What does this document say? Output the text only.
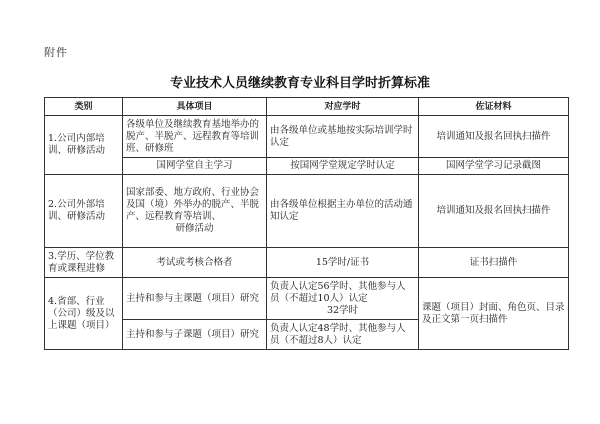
附件
专业技术人员继续教育专业科目学时折算标准
类别	具体项目	对应学时	佐证材料
1.公司内部培训、研修活动	各级单位及继续教育基地举办的脱产、半脱产、远程教育等培训班、研修班	由各级单位或基地按实际培训学时认定	培训通知及报名回执扫描件
	国网学堂自主学习	按国网学堂规定学时认定	国网学堂学习记录截图
2.公司外部培训、研修活动	国家部委、地方政府、行业协会及国（境）外举办的脱产、半脱产、远程教育等培训、
研修活动	由各级单位根据主办单位的活动通知认定	培训通知及报名回执扫描件
3.学历、学位教育或课程进修	考试或考核合格者	15学时/证书	证书扫描件
4.省部、行业（公司）级及以上课题（项目）	主持和参与主课题（项目）研究	负责人认定56学时、其他参与人员（不超过10人）认定
32学时	课题（项目）封面、角色页、目录及正文第一页扫描件
	主持和参与子课题（项目）研究	负责人认定48学时、其他参与人员（不超过8人）认定	
